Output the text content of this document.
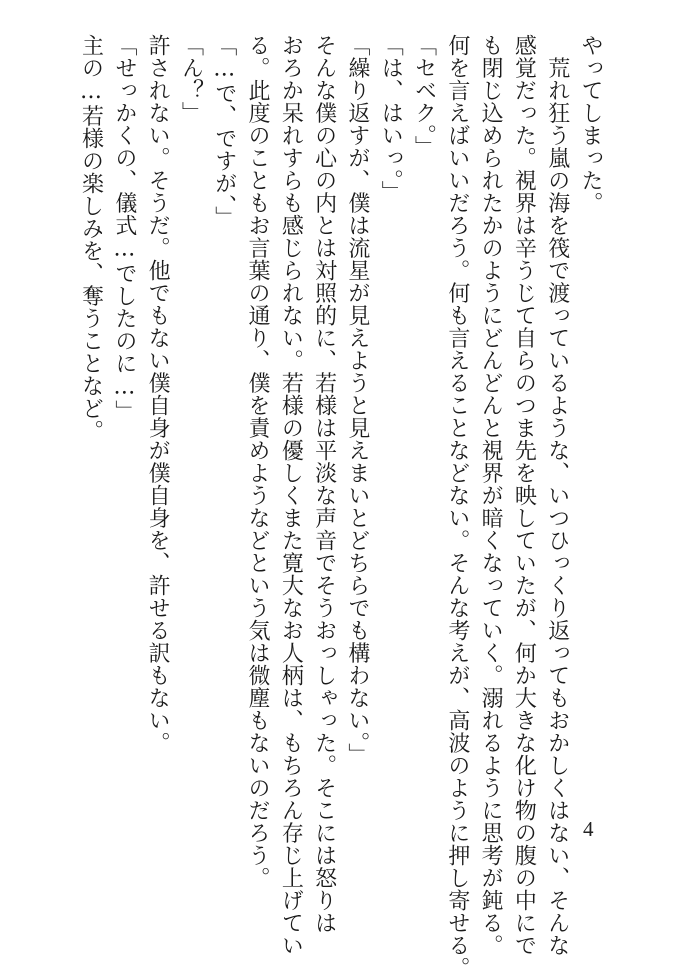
やってしまった。
　荒れ狂う嵐の海を筏で渡っているような、いつひっくり返ってもおかしくはない、そんな
感覚だった。視界は辛うじて自らのつま先を映していたが、何か大きな化け物の腹の中にで
も閉じ込められたかのようにどんどんと視界が暗くなっていく。溺れるように思考が鈍る。
何を言えばいいだろう。何も言えることなどない。そんな考えが、高波のように押し寄せる。
「セベク。」
「は、はいっ。」
「繰り返すが、僕は流星が見えようと見えまいとどちらでも構わない。」
そんな僕の心の内とは対照的に、若様は平淡な声音でそうおっしゃった。そこには怒りは
おろか呆れすらも感じられない。若様の優しくまた寛大なお人柄は、もちろん存じ上げてい
る。此度のこともお言葉の通り、僕を責めようなどという気は微塵もないのだろう。
「…で、ですが、」
「ん？」
許されない。そうだ。他でもない僕自身が僕自身を、許せる訳もない。
「せっかくの、儀式…でしたのに…」
主の…若様の楽しみを、奪うことなど。
4
